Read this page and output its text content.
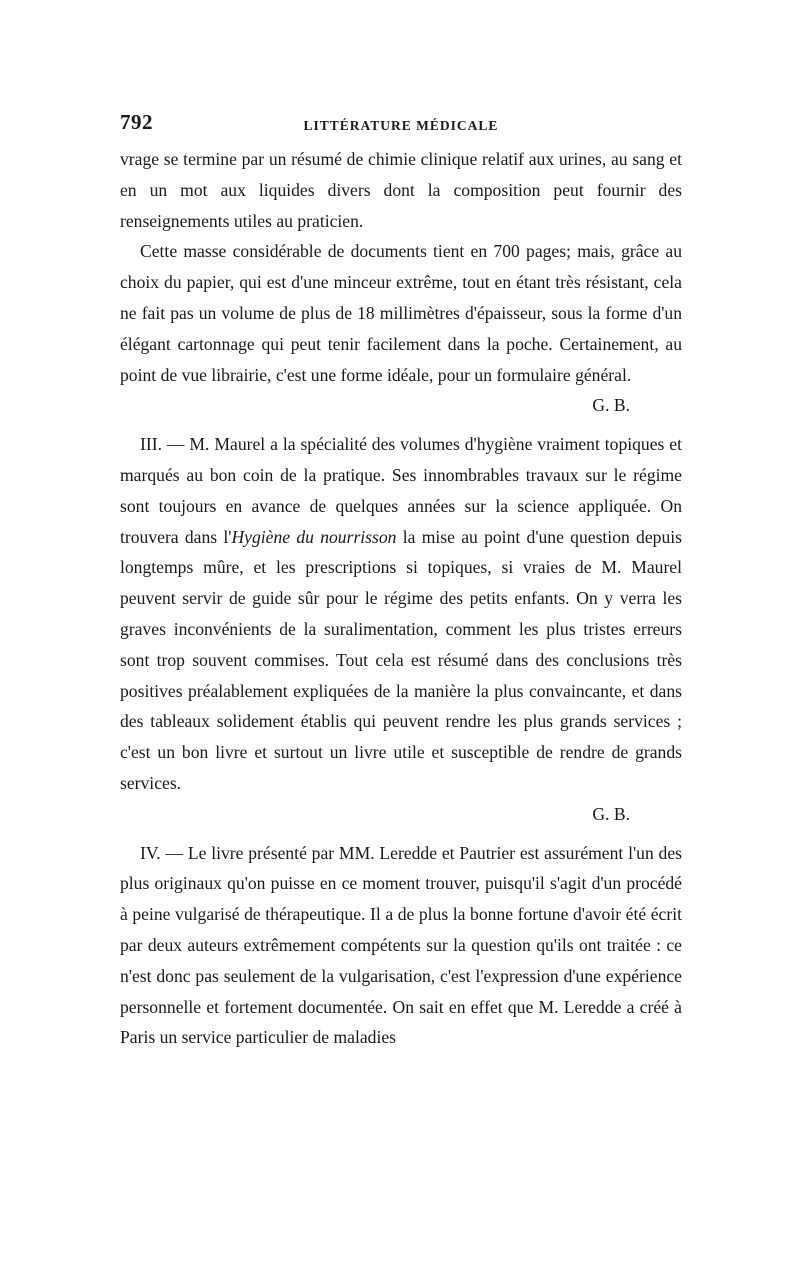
792	LITTÉRATURE MÉDICALE

vrage se termine par un résumé de chimie clinique relatif aux urines, au sang et en un mot aux liquides divers dont la composition peut fournir des renseignements utiles au praticien.

Cette masse considérable de documents tient en 700 pages; mais, grâce au choix du papier, qui est d'une minceur extrême, tout en étant très résistant, cela ne fait pas un volume de plus de 18 millimètres d'épaisseur, sous la forme d'un élégant cartonnage qui peut tenir facilement dans la poche. Certainement, au point de vue librairie, c'est une forme idéale, pour un formulaire général.

G. B.

III. — M. Maurel a la spécialité des volumes d'hygiène vraiment topiques et marqués au bon coin de la pratique. Ses innombrables travaux sur le régime sont toujours en avance de quelques années sur la science appliquée. On trouvera dans l'Hygiène du nourrisson la mise au point d'une question depuis longtemps mûre, et les prescriptions si topiques, si vraies de M. Maurel peuvent servir de guide sûr pour le régime des petits enfants. On y verra les graves inconvénients de la suralimentation, comment les plus tristes erreurs sont trop souvent commises. Tout cela est résumé dans des conclusions très positives préalablement expliquées de la manière la plus convaincante, et dans des tableaux solidement établis qui peuvent rendre les plus grands services ; c'est un bon livre et surtout un livre utile et susceptible de rendre de grands services.

G. B.

IV. — Le livre présenté par MM. Leredde et Pautrier est assurément l'un des plus originaux qu'on puisse en ce moment trouver, puisqu'il s'agit d'un procédé à peine vulgarisé de thérapeutique. Il a de plus la bonne fortune d'avoir été écrit par deux auteurs extrêmement compétents sur la question qu'ils ont traitée : ce n'est donc pas seulement de la vulgarisation, c'est l'expression d'une expérience personnelle et fortement documentée. On sait en effet que M. Leredde a créé à Paris un service particulier de maladies
